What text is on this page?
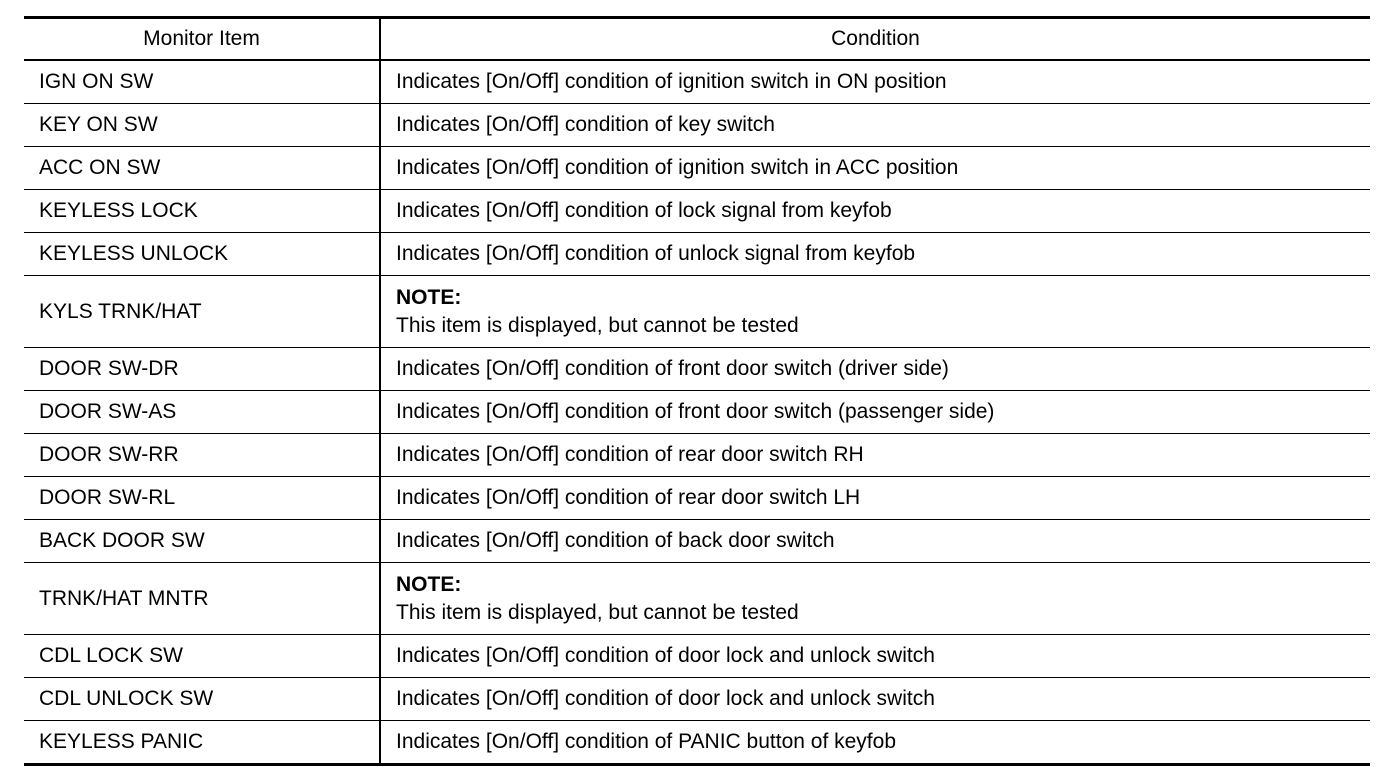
Monitor Item	Condition
IGN ON SW	Indicates [On/Off] condition of ignition switch in ON position
KEY ON SW	Indicates [On/Off] condition of key switch
ACC ON SW	Indicates [On/Off] condition of ignition switch in ACC position
KEYLESS LOCK	Indicates [On/Off] condition of lock signal from keyfob
KEYLESS UNLOCK	Indicates [On/Off] condition of unlock signal from keyfob
KYLS TRNK/HAT	NOTE:
This item is displayed, but cannot be tested

DOOR SW-DR	Indicates [On/Off] condition of front door switch (driver side)
DOOR SW-AS	Indicates [On/Off] condition of front door switch (passenger side)
DOOR SW-RR	Indicates [On/Off] condition of rear door switch RH
DOOR SW-RL	Indicates [On/Off] condition of rear door switch LH
BACK DOOR SW	Indicates [On/Off] condition of back door switch
TRNK/HAT MNTR	NOTE:
This item is displayed, but cannot be tested

CDL LOCK SW	Indicates [On/Off] condition of door lock and unlock switch
CDL UNLOCK SW	Indicates [On/Off] condition of door lock and unlock switch
KEYLESS PANIC	Indicates [On/Off] condition of PANIC button of keyfob
